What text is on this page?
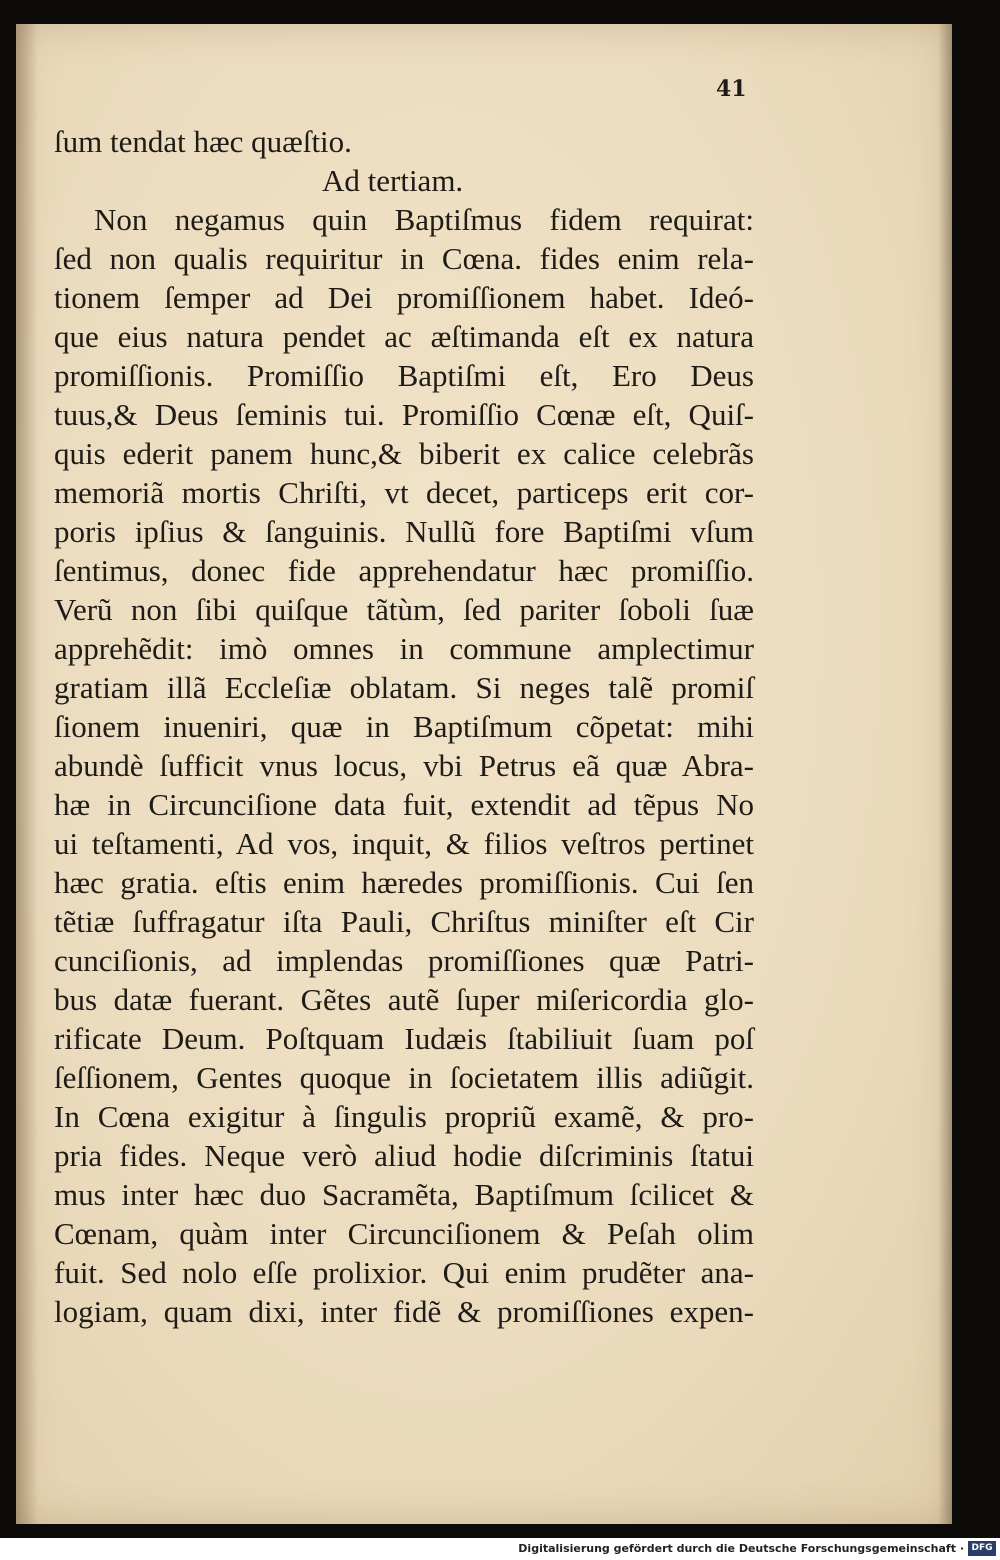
41
ſum tendat hæc quæſtio.
Ad tertiam.
Non negamus quin Baptiſmus fidem requirat:
ſed non qualis requiritur in Cœna. fides enim rela-
tionem ſemper ad Dei promiſſionem habet. Ideó-
que eius natura pendet ac æſtimanda eſt ex natura
promiſſionis. Promiſſio Baptiſmi eſt, Ero Deus
tuus,& Deus ſeminis tui. Promiſſio Cœnæ eſt, Quiſ-
quis ederit panem hunc,& biberit ex calice celebrãs
memoriã mortis Chriſti, vt decet, particeps erit cor-
poris ipſius & ſanguinis. Nullũ fore Baptiſmi vſum
ſentimus, donec fide apprehendatur hæc promiſſio.
Verũ non ſibi quiſque tãtùm, ſed pariter ſoboli ſuæ
apprehẽdit: imò omnes in commune amplectimur
gratiam illã Eccleſiæ oblatam. Si neges talẽ promiſ
ſionem inueniri, quæ in Baptiſmum cõpetat: mihi
abundè ſufficit vnus locus, vbi Petrus eã quæ Abra-
hæ in Circunciſione data fuit, extendit ad tẽpus No
ui teſtamenti, Ad vos, inquit, & filios veſtros pertinet
hæc gratia. eſtis enim hæredes promiſſionis. Cui ſen
tẽtiæ ſuffragatur iſta Pauli, Chriſtus miniſter eſt Cir
cunciſionis, ad implendas promiſſiones quæ Patri-
bus datæ fuerant. Gẽtes autẽ ſuper miſericordia glo-
rificate Deum. Poſtquam Iudæis ſtabiliuit ſuam poſ
ſeſſionem, Gentes quoque in ſocietatem illis adiũgit.
In Cœna exigitur à ſingulis propriũ examẽ, & pro-
pria fides. Neque verò aliud hodie diſcriminis ſtatui
mus inter hæc duo Sacramẽta, Baptiſmum ſcilicet &
Cœnam, quàm inter Circunciſionem & Peſah olim
fuit. Sed nolo eſſe prolixior. Qui enim prudẽter ana-
logiam, quam dixi, inter fidẽ & promiſſiones expen-
Digitalisierung gefördert durch die Deutsche Forschungsgemeinschaft · DFG
